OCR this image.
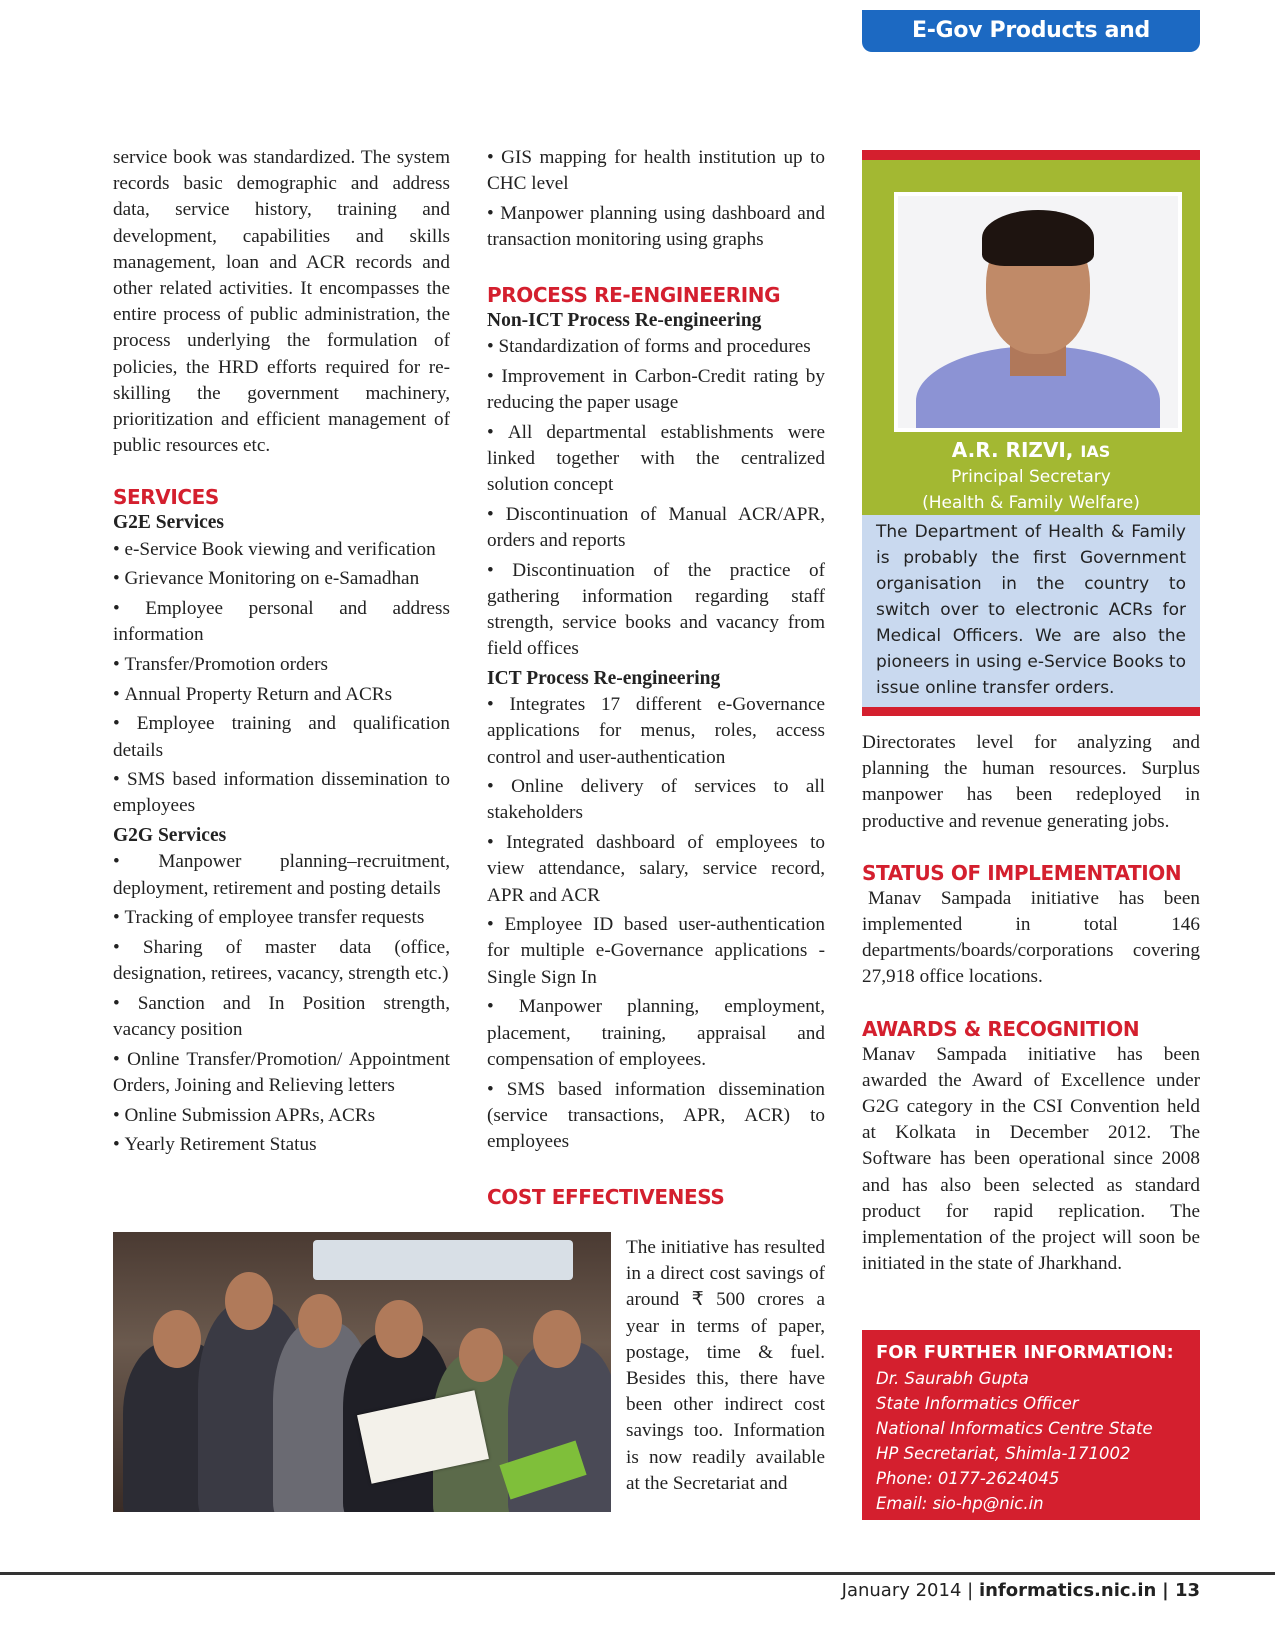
E-Gov Products and Services

service book was standardized. The system records basic demographic and address data, service history, training and development, capabilities and skills management, loan and ACR records and other related activities. It encompasses the entire process of public administration, the process underlying the formulation of policies, the HRD efforts required for re-skilling the government machinery, prioritization and efficient management of public resources etc.

SERVICES

G2E Services

• e-Service Book viewing and verification

• Grievance Monitoring on e-Samadhan

• Employee personal and address information

• Transfer/Promotion orders

• Annual Property Return and ACRs

• Employee training and qualification details

• SMS based information dissemination to employees

G2G Services

• Manpower planning–recruitment, deployment, retirement and posting details

• Tracking of employee transfer requests

• Sharing of master data (office, designation, retirees, vacancy, strength etc.)

• Sanction and In Position strength, vacancy position

• Online Transfer/Promotion/ Appointment Orders, Joining and Relieving letters

• Online Submission APRs, ACRs

• Yearly Retirement Status

• GIS mapping for health institution up to CHC level

• Manpower planning using dashboard and transaction monitoring using graphs

PROCESS RE-ENGINEERING

Non-ICT Process Re-engineering

• Standardization of forms and procedures

• Improvement in Carbon-Credit rating by reducing the paper usage

• All departmental establishments were linked together with the centralized solution concept

• Discontinuation of Manual ACR/APR, orders and reports

• Discontinuation of the practice of gathering information regarding staff strength, service books and vacancy from field offices

ICT Process Re-engineering

• Integrates 17 different e-Governance applications for menus, roles, access control and user-authentication

• Online delivery of services to all stakeholders

• Integrated dashboard of employees to view attendance, salary, service record, APR and ACR

• Employee ID based user-authentication for multiple e-Governance applications - Single Sign In

• Manpower planning, employment, placement, training, appraisal and compensation of employees.

• SMS based information dissemination (service transactions, APR, ACR) to employees

COST EFFECTIVENESS

The initiative has resulted in a direct cost savings of around ₹ 500 crores a year in terms of paper, postage, time & fuel. Besides this, there have been other indirect cost savings too. Information is now readily available at the Secretariat and

A.R. RIZVI, IAS
Principal Secretary
(Health & Family Welfare)

The Department of Health & Family is probably the first Government organisation in the country to switch over to electronic ACRs for Medical Officers. We are also the pioneers in using e-Service Books to issue online transfer orders.

Directorates level for analyzing and planning the human resources. Surplus manpower has been redeployed in productive and revenue generating jobs.

STATUS OF IMPLEMENTATION

Manav Sampada initiative has been implemented in total 146 departments/boards/corporations covering 27,918 office locations.

AWARDS & RECOGNITION

Manav Sampada initiative has been awarded the Award of Excellence under G2G category in the CSI Convention held at Kolkata in December 2012. The Software has been operational since 2008 and has also been selected as standard product for rapid replication. The implementation of the project will soon be initiated in the state of Jharkhand.

FOR FURTHER INFORMATION:

Dr. Saurabh Gupta

State Informatics Officer

National Informatics Centre State

HP Secretariat, Shimla-171002

Phone: 0177-2624045

Email: sio-hp@nic.in

January 2014 | informatics.nic.in | 13
